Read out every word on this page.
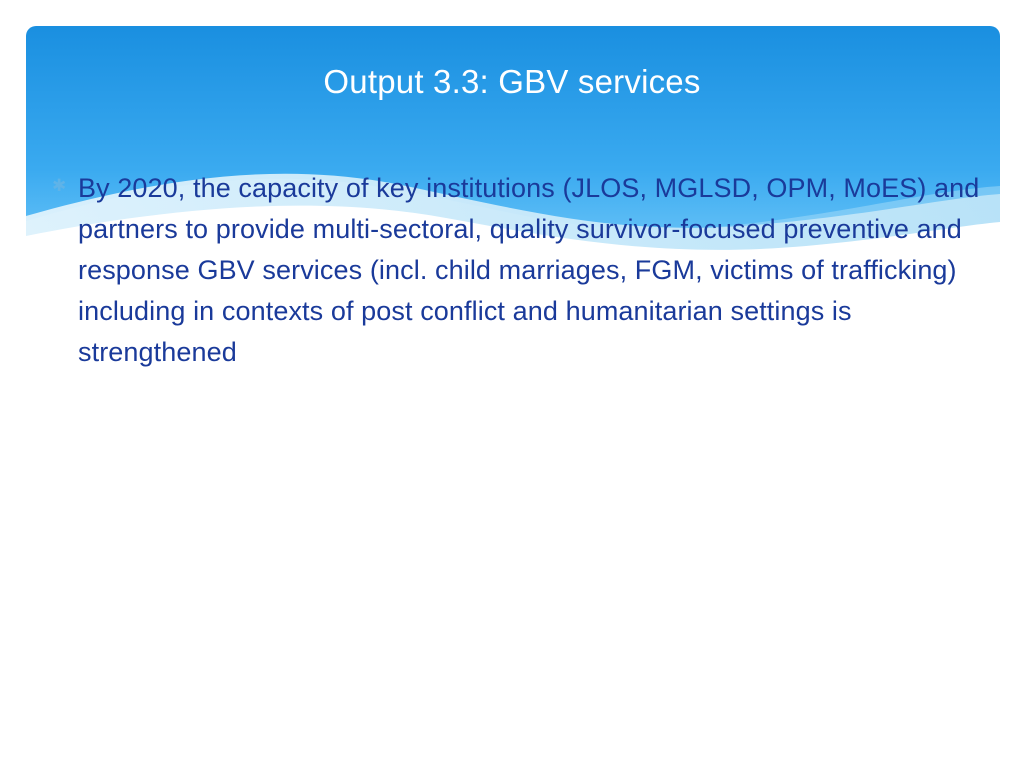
Output 3.3: GBV services
✱ By 2020, the capacity of key institutions (JLOS, MGLSD, OPM, MoES) and partners to provide multi-sectoral, quality survivor-focused preventive and response GBV services (incl. child marriages, FGM, victims of trafficking) including in contexts of post conflict and humanitarian settings is strengthened
